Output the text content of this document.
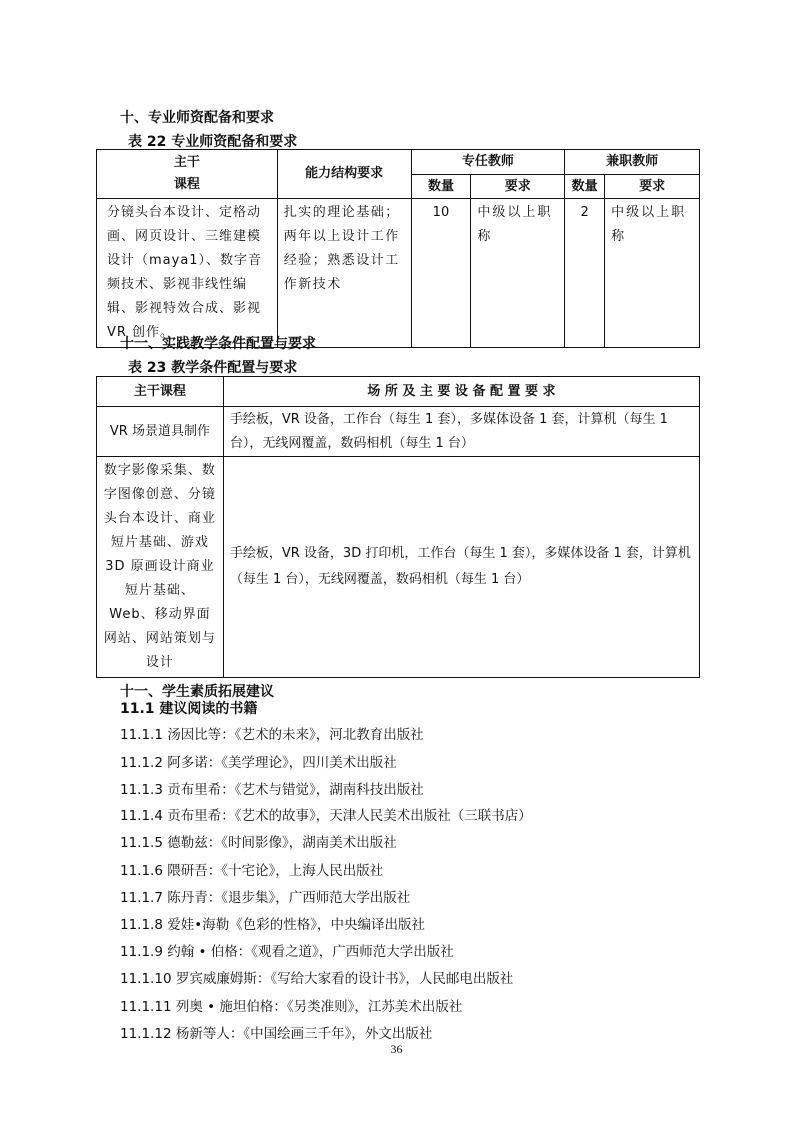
十、专业师资配备和要求
表 22 专业师资配备和要求
主干
课程	能力结构要求	专任教师		兼职教师	
		数量	要求	数量	要求
分镜头台本设计、定格动画、网页设计、三维建模设计（maya1）、数字音频技术、影视非线性编辑、影视特效合成、影视 VR 创作。	扎实的理论基础；两年以上设计工作经验；熟悉设计工作新技术	10	中级以上职称	2	中级以上职称
十一、实践教学条件配置与要求
表 23 教学条件配置与要求
主干课程	场 所 及 主 要 设 备 配 置 要 求
VR 场景道具制作	手绘板，VR 设备，工作台（每生 1 套），多媒体设备 1 套，计算机（每生 1 台），无线网覆盖，数码相机（每生 1 台）
数字影像采集、数字图像创意、分镜头台本设计、商业短片基础、游戏 3D 原画设计商业短片基础、Web、移动界面网站、网站策划与设计	手绘板，VR 设备，3D 打印机，工作台（每生 1 套），多媒体设备 1 套，计算机（每生 1 台），无线网覆盖，数码相机（每生 1 台）
十一、学生素质拓展建议
11.1 建议阅读的书籍
11.1.1 汤因比等：《艺术的未来》，河北教育出版社
11.1.2 阿多诺：《美学理论》，四川美术出版社
11.1.3 贡布里希：《艺术与错觉》，湖南科技出版社
11.1.4 贡布里希：《艺术的故事》，天津人民美术出版社（三联书店）
11.1.5 德勒兹：《时间影像》，湖南美术出版社
11.1.6 隈研吾：《十宅论》，上海人民出版社
11.1.7 陈丹青：《退步集》，广西师范大学出版社
11.1.8 爱娃•海勒《色彩的性格》，中央编译出版社
11.1.9 约翰 • 伯格：《观看之道》，广西师范大学出版社
11.1.10 罗宾威廉姆斯：《写给大家看的设计书》，人民邮电出版社
11.1.11 列奥 • 施坦伯格：《另类准则》，江苏美术出版社
11.1.12 杨新等人：《中国绘画三千年》，外文出版社
36
